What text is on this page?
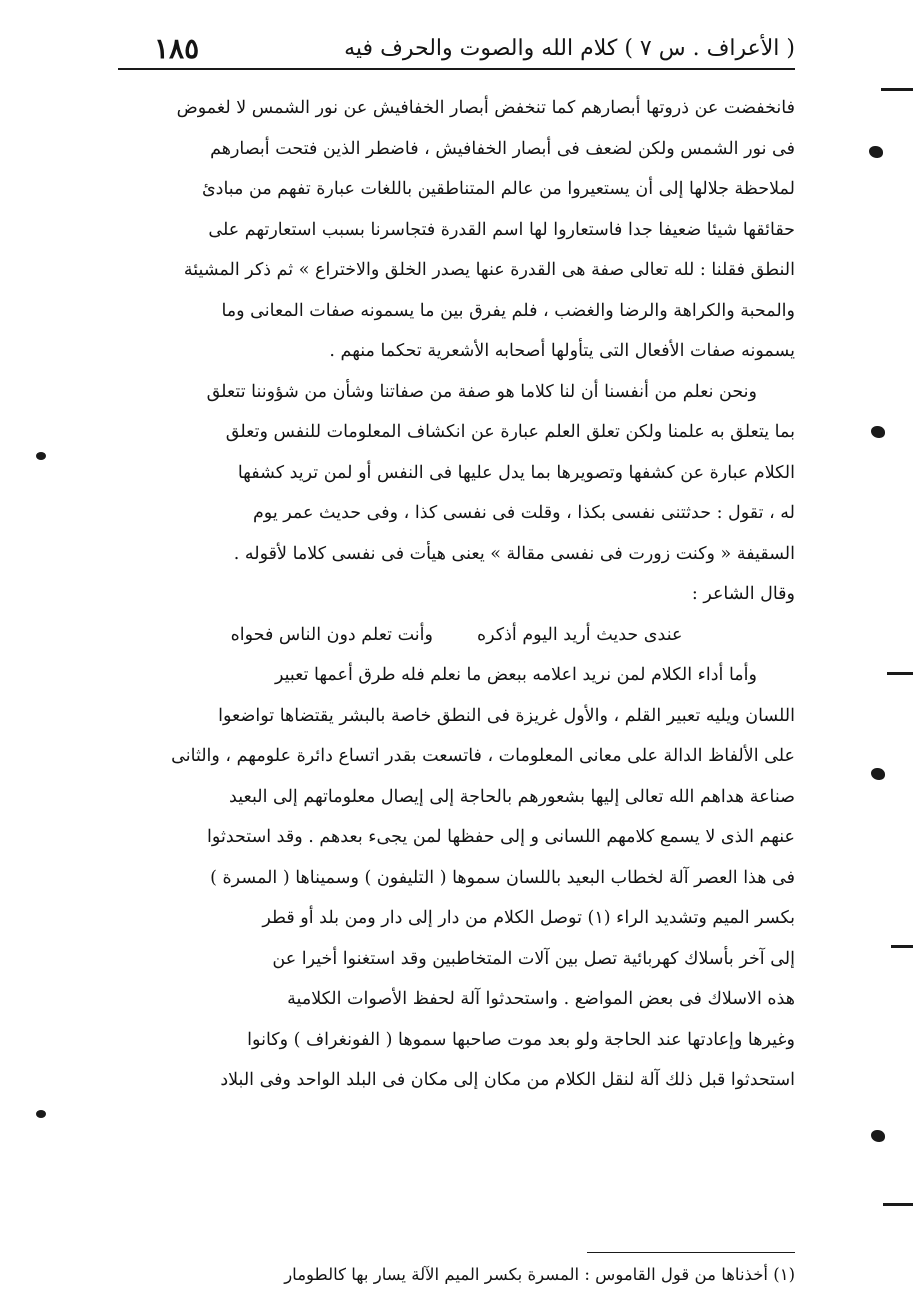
( الأعراف . س ٧ ) كلام الله والصوت والحرف فيه
١٨٥
فانخفضت عن ذروتها أبصارهم كما تنخفض أبصار الخفافيش عن نور الشمس لا لغموض
فى نور الشمس ولكن لضعف فى أبصار الخفافيش ، فاضطر الذين فتحت أبصارهم
لملاحظة جلالها إلى أن يستعيروا من عالم المتناطقين باللغات عبارة تفهم من مبادئ
حقائقها شيئا ضعيفا جدا فاستعاروا لها اسم القدرة فتجاسرنا بسبب استعارتهم على
النطق فقلنا : لله تعالى صفة هى القدرة عنها يصدر الخلق والاختراع » ثم ذكر المشيئة
والمحبة والكراهة والرضا والغضب ، فلم يفرق بين ما يسمونه صفات المعانى وما
يسمونه صفات الأفعال التى يتأولها أصحابه الأشعرية تحكما منهم .
ونحن نعلم من أنفسنا أن لنا كلاما هو صفة من صفاتنا وشأن من شؤوننا تتعلق
بما يتعلق به علمنا ولكن تعلق العلم عبارة عن انكشاف المعلومات للنفس وتعلق
الكلام عبارة عن كشفها وتصويرها بما يدل عليها فى النفس أو لمن تريد كشفها
له ، تقول : حدثتنى نفسى بكذا ، وقلت فى نفسى كذا ، وفى حديث عمر يوم
السقيفة « وكنت زورت فى نفسى مقالة » يعنى هيأت فى نفسى كلاما لأقوله .
وقال الشاعر :
عندى حديث أريد اليوم أذكره
وأنت تعلم دون الناس فحواه
وأما أداء الكلام لمن نريد اعلامه ببعض ما نعلم فله طرق أعمها تعبير
اللسان ويليه تعبير القلم ، والأول غريزة فى النطق خاصة بالبشر يقتضاها تواضعوا
على الألفاظ الدالة على معانى المعلومات ، فاتسعت بقدر اتساع دائرة علومهم ، والثانى
صناعة هداهم الله تعالى إليها بشعورهم بالحاجة إلى إيصال معلوماتهم إلى البعيد
عنهم الذى لا يسمع كلامهم اللسانى و إلى حفظها لمن يجىء بعدهم . وقد استحدثوا
فى هذا العصر آلة لخطاب البعيد باللسان سموها ( التليفون ) وسميناها ( المسرة )
بكسر الميم وتشديد الراء (١) توصل الكلام من دار إلى دار ومن بلد أو قطر
إلى آخر بأسلاك كهربائية تصل بين آلات المتخاطبين وقد استغنوا أخيرا عن
هذه الاسلاك فى بعض المواضع . واستحدثوا آلة لحفظ الأصوات الكلامية
وغيرها وإعادتها عند الحاجة ولو بعد موت صاحبها سموها ( الفونغراف ) وكانوا
استحدثوا قبل ذلك آلة لنقل الكلام من مكان إلى مكان فى البلد الواحد وفى البلاد
(١) أخذناها من قول القاموس : المسرة بكسر الميم الآلة يسار بها كالطومار
